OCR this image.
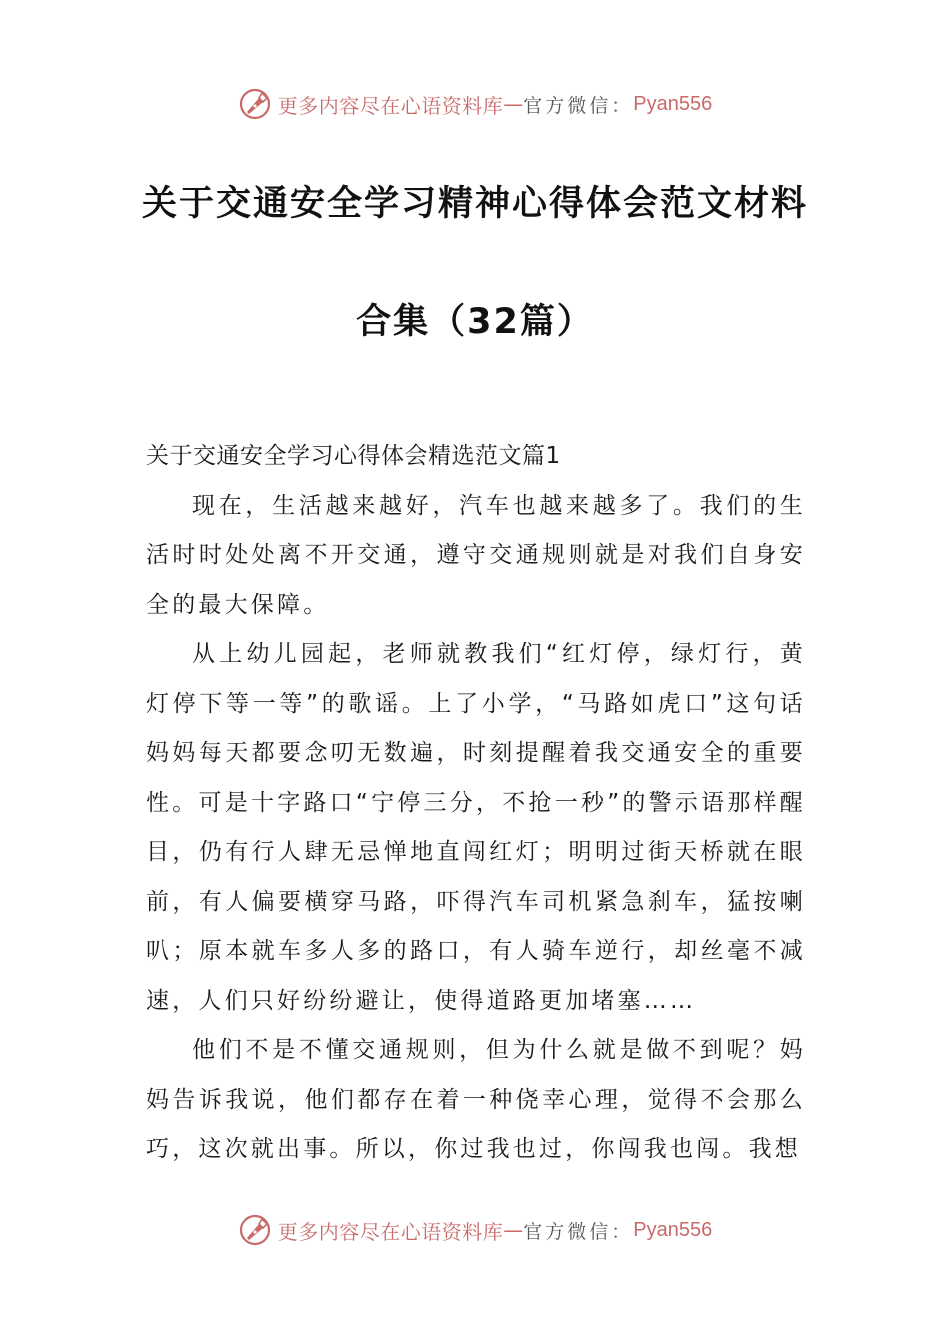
更多内容尽在心语资料库 — 官方微信： Pyan556
关于交通安全学习精神心得体会范文材料
合集（32篇）
关于交通安全学习心得体会精选范文篇1

现在，生活越来越好，汽车也越来越多了。我们的生活时时处处离不开交通，遵守交通规则就是对我们自身安全的最大保障。

从上幼儿园起，老师就教我们“红灯停，绿灯行，黄灯停下等一等”的歌谣。上了小学，“马路如虎口”这句话妈妈每天都要念叨无数遍，时刻提醒着我交通安全的重要性。可是十字路口“宁停三分，不抢一秒”的警示语那样醒目，仍有行人肆无忌惮地直闯红灯；明明过街天桥就在眼前，有人偏要横穿马路，吓得汽车司机紧急刹车，猛按喇叭；原本就车多人多的路口，有人骑车逆行，却丝毫不减速，人们只好纷纷避让，使得道路更加堵塞……

他们不是不懂交通规则，但为什么就是做不到呢？妈妈告诉我说，他们都存在着一种侥幸心理，觉得不会那么巧，这次就出事。所以，你过我也过，你闯我也闯。我想

更多内容尽在心语资料库 — 官方微信： Pyan556
